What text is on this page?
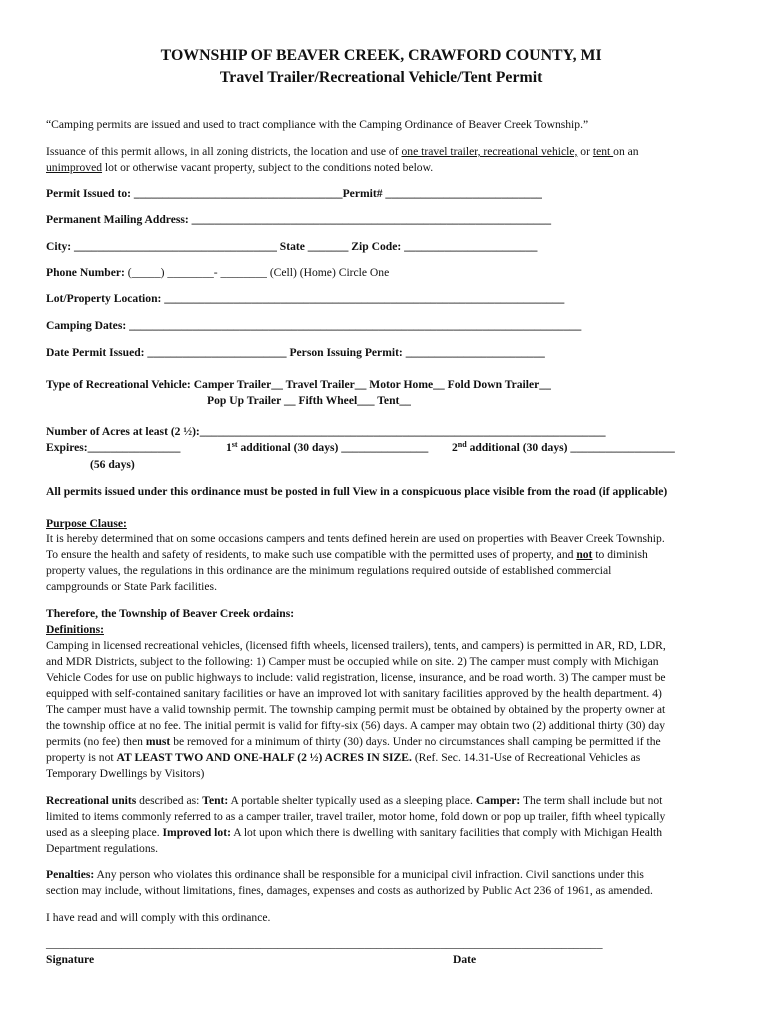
TOWNSHIP OF BEAVER CREEK, CRAWFORD COUNTY, MI
Travel Trailer/Recreational Vehicle/Tent Permit
“Camping permits are issued and used to tract compliance with the Camping Ordinance of Beaver Creek Township.”
Issuance of this permit allows, in all zoning districts, the location and use of one travel trailer, recreational vehicle, or tent on an
unimproved lot or otherwise vacant property, subject to the conditions noted below.
Permit Issued to: ____________________________________Permit# ___________________________
Permanent Mailing Address: ______________________________________________________________
City: ___________________________________ State _______ Zip Code: _______________________
Phone Number: (_____) ________- ________ (Cell) (Home) Circle One
Lot/Property Location: _____________________________________________________________________
Camping Dates: ______________________________________________________________________________
Date Permit Issued: ________________________ Person Issuing Permit: ________________________
Type of Recreational Vehicle: Camper Trailer__ Travel Trailer__ Motor Home__ Fold Down Trailer__
Pop Up Trailer __ Fifth Wheel___ Tent__
Number of Acres at least (2 ½):______________________________________________________________________
Expires:________________	1st additional (30 days) _______________ 2nd additional (30 days) __________________
(56 days)
All permits issued under this ordinance must be posted in full View in a conspicuous place visible from the road (if applicable)
Purpose Clause:
It is hereby determined that on some occasions campers and tents defined herein are used on properties with Beaver Creek Township.
To ensure the health and safety of residents, to make such use compatible with the permitted uses of property, and not to diminish
property values, the regulations in this ordinance are the minimum regulations required outside of established commercial
campgrounds or State Park facilities.
Therefore, the Township of Beaver Creek ordains:
Definitions:
Camping in licensed recreational vehicles, (licensed fifth wheels, licensed trailers), tents, and campers) is permitted in AR, RD, LDR,
and MDR Districts, subject to the following: 1) Camper must be occupied while on site. 2) The camper must comply with Michigan
Vehicle Codes for use on public highways to include: valid registration, license, insurance, and be road worth. 3) The camper must be
equipped with self-contained sanitary facilities or have an improved lot with sanitary facilities approved by the health department. 4)
The camper must have a valid township permit. The township camping permit must be obtained by obtained by the property owner at
the township office at no fee. The initial permit is valid for fifty-six (56) days. A camper may obtain two (2) additional thirty (30) day
permits (no fee) then must be removed for a minimum of thirty (30) days. Under no circumstances shall camping be permitted if the
property is not AT LEAST TWO AND ONE-HALF (2 ½) ACRES IN SIZE. (Ref. Sec. 14.31-Use of Recreational Vehicles as
Temporary Dwellings by Visitors)
Recreational units described as: Tent: A portable shelter typically used as a sleeping place. Camper: The term shall include but not
limited to items commonly referred to as a camper trailer, travel trailer, motor home, fold down or pop up trailer, fifth wheel typically
used as a sleeping place. Improved lot: A lot upon which there is dwelling with sanitary facilities that comply with Michigan Health
Department regulations.
Penalties: Any person who violates this ordinance shall be responsible for a municipal civil infraction. Civil sanctions under this
section may include, without limitations, fines, damages, expenses and costs as authorized by Public Act 236 of 1961, as amended.
I have read and will comply with this ordinance.
________________________________________________________________________________________________
Signature	Date
